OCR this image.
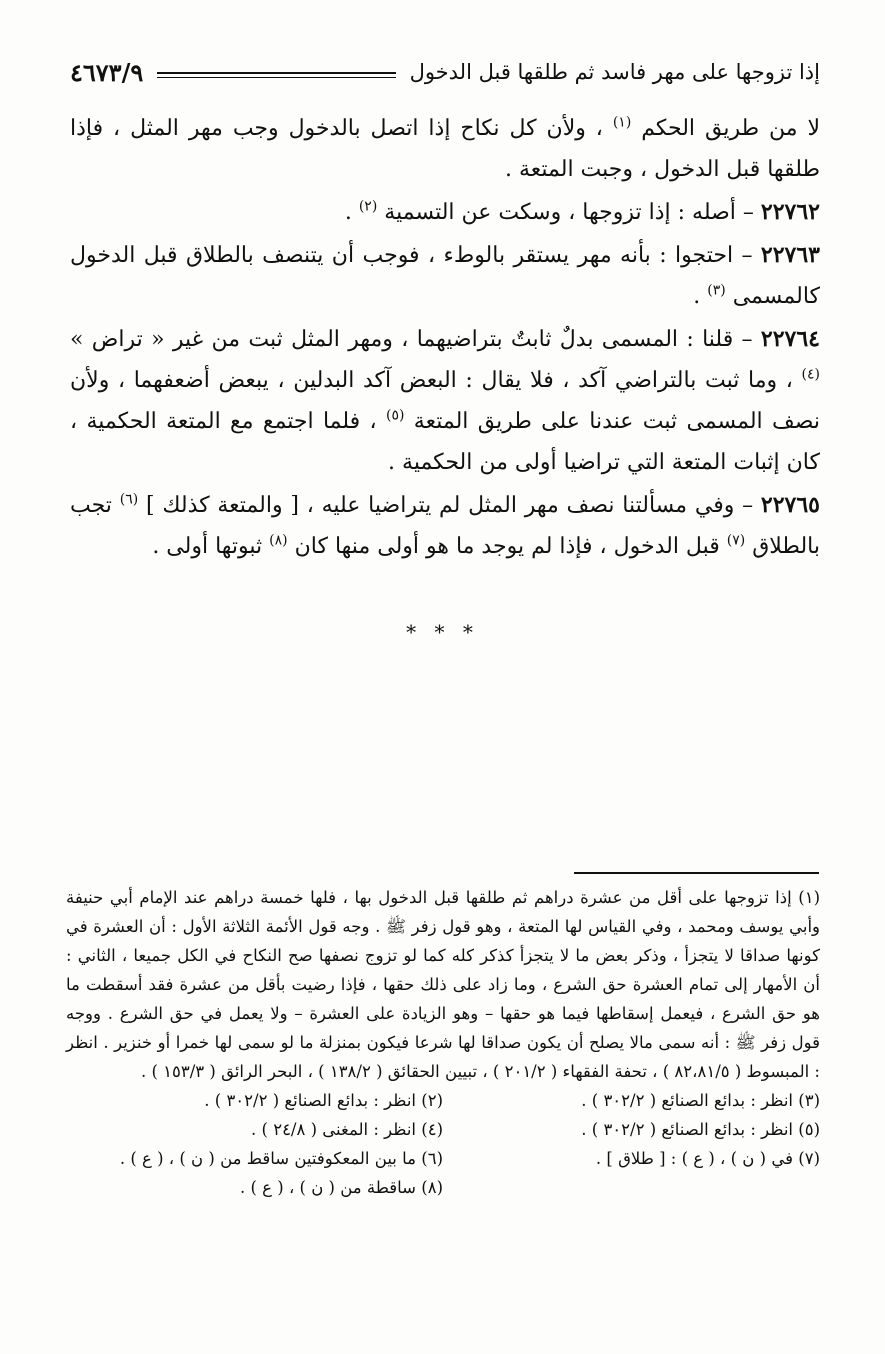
إذا تزوجها على مهر فاسد ثم طلقها قبل الدخول
٤٦٧٣/٩

لا من طريق الحكم $^{(١)}$ ، ولأن كل نكاح إذا اتصل بالدخول وجب مهر المثل ، فإذا طلقها قبل الدخول ، وجبت المتعة .

٢٢٧٦٢ – أصله : إذا تزوجها ، وسكت عن التسمية $^{(٢)}$ .

٢٢٧٦٣ – احتجوا : بأنه مهر يستقر بالوطء ، فوجب أن يتنصف بالطلاق قبل الدخول كالمسمى $^{(٣)}$ .

٢٢٧٦٤ – قلنا : المسمى بدلٌ ثابتٌ بتراضيهما ، ومهر المثل ثبت من غير « تراض » $^{(٤)}$ ، وما ثبت بالتراضي آكد ، فلا يقال : البعض آكد البدلين ، يبعض أضعفهما ، ولأن نصف المسمى ثبت عندنا على طريق المتعة $^{(٥)}$ ، فلما اجتمع مع المتعة الحكمية ، كان إثبات المتعة التي تراضيا أولى من الحكمية .

٢٢٧٦٥ – وفي مسألتنا نصف مهر المثل لم يتراضيا عليه ، [ والمتعة كذلك ] $^{(٦)}$ تجب بالطلاق $^{(٧)}$ قبل الدخول ، فإذا لم يوجد ما هو أولى منها كان $^{(٨)}$ ثبوتها أولى .

* * *

(١) إذا تزوجها على أقل من عشرة دراهم ثم طلقها قبل الدخول بها ، فلها خمسة دراهم عند الإمام أبي حنيفة وأبي يوسف ومحمد ، وفي القياس لها المتعة ، وهو قول زفر ﷺ . وجه قول الأئمة الثلاثة الأول : أن العشرة في كونها صداقا لا يتجزأ ، وذكر بعض ما لا يتجزأ كذكر كله كما لو تزوج نصفها صح النكاح في الكل جميعا ، الثاني : أن الأمهار إلى تمام العشرة حق الشرع ، وما زاد على ذلك حقها ، فإذا رضيت بأقل من عشرة فقد أسقطت ما هو حق الشرع ، فيعمل إسقاطها فيما هو حقها – وهو الزيادة على العشرة – ولا يعمل في حق الشرع . ووجه قول زفر ﷺ : أنه سمى مالا يصلح أن يكون صداقا لها شرعا فيكون بمنزلة ما لو سمى لها خمرا أو خنزير . انظر : المبسوط ( ٨٢،٨١/٥ ) ، تحفة الفقهاء ( ٢٠١/٢ ) ، تبيين الحقائق ( ١٣٨/٢ ) ، البحر الرائق ( ١٥٣/٣ ) .

(٣) انظر : بدائع الصنائع ( ٣٠٢/٢ ) .
(٢) انظر : بدائع الصنائع ( ٣٠٢/٢ ) .
(٥) انظر : بدائع الصنائع ( ٣٠٢/٢ ) .
(٤) انظر : المغنى ( ٢٤/٨ ) .
(٧) في ( ن ) ، ( ع ) : [ طلاق ] .
(٦) ما بين المعكوفتين ساقط من ( ن ) ، ( ع ) .
(٨) ساقطة من ( ن ) ، ( ع ) .
